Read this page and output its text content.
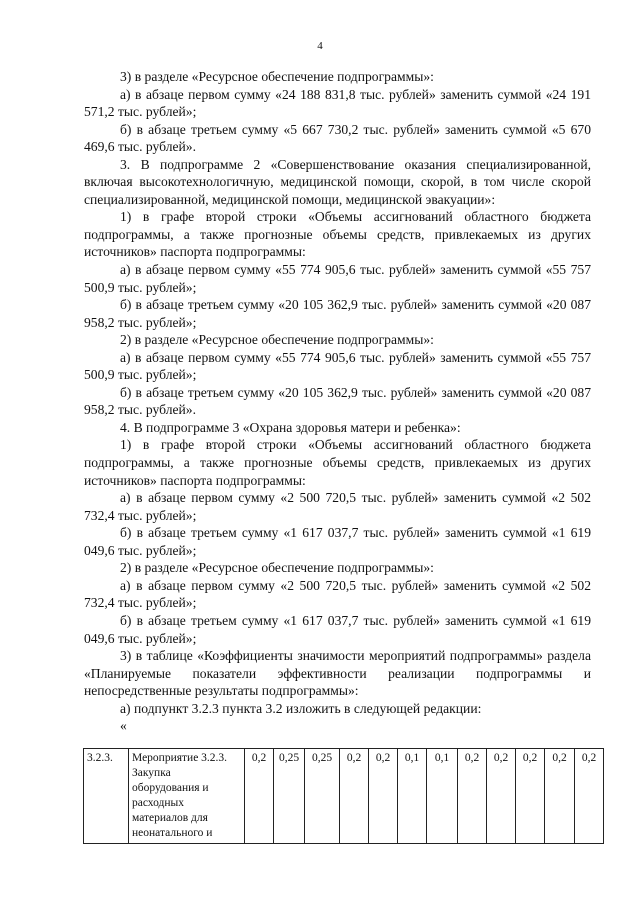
4

3) в разделе «Ресурсное обеспечение подпрограммы»:

а) в абзаце первом сумму «24 188 831,8 тыс. рублей» заменить суммой «24 191 571,2 тыс. рублей»;

б) в абзаце третьем сумму «5 667 730,2 тыс. рублей» заменить суммой «5 670 469,6 тыс. рублей».

3. В подпрограмме 2 «Совершенствование оказания специализированной, включая высокотехнологичную, медицинской помощи, скорой, в том числе скорой специализированной, медицинской помощи, медицинской эвакуации»:

1) в графе второй строки «Объемы ассигнований областного бюджета подпрограммы, а также прогнозные объемы средств, привлекаемых из других источников» паспорта подпрограммы:

а) в абзаце первом сумму «55 774 905,6 тыс. рублей» заменить суммой «55 757 500,9 тыс. рублей»;

б) в абзаце третьем сумму «20 105 362,9 тыс. рублей» заменить суммой «20 087 958,2 тыс. рублей»;

2) в разделе «Ресурсное обеспечение подпрограммы»:

а) в абзаце первом сумму «55 774 905,6 тыс. рублей» заменить суммой «55 757 500,9 тыс. рублей»;

б) в абзаце третьем сумму «20 105 362,9 тыс. рублей» заменить суммой «20 087 958,2 тыс. рублей».

4. В подпрограмме 3 «Охрана здоровья матери и ребенка»:

1) в графе второй строки «Объемы ассигнований областного бюджета подпрограммы, а также прогнозные объемы средств, привлекаемых из других источников» паспорта подпрограммы:

а) в абзаце первом сумму «2 500 720,5 тыс. рублей» заменить суммой «2 502 732,4 тыс. рублей»;

б) в абзаце третьем сумму «1 617 037,7 тыс. рублей» заменить суммой «1 619 049,6 тыс. рублей»;

2) в разделе «Ресурсное обеспечение подпрограммы»:

а) в абзаце первом сумму «2 500 720,5 тыс. рублей» заменить суммой «2 502 732,4 тыс. рублей»;

б) в абзаце третьем сумму «1 617 037,7 тыс. рублей» заменить суммой «1 619 049,6 тыс. рублей»;

3) в таблице «Коэффициенты значимости мероприятий подпрограммы» раздела «Планируемые показатели эффективности реализации подпрограммы и непосредственные результаты подпрограммы»:

а) подпункт 3.2.3 пункта 3.2 изложить в следующей редакции:

«

3.2.3.	Мероприятие 3.2.3. Закупка оборудования и расходных материалов для неонатального и	0,2	0,25	0,25	0,2	0,2	0,1	0,1	0,2	0,2	0,2	0,2	0,2
